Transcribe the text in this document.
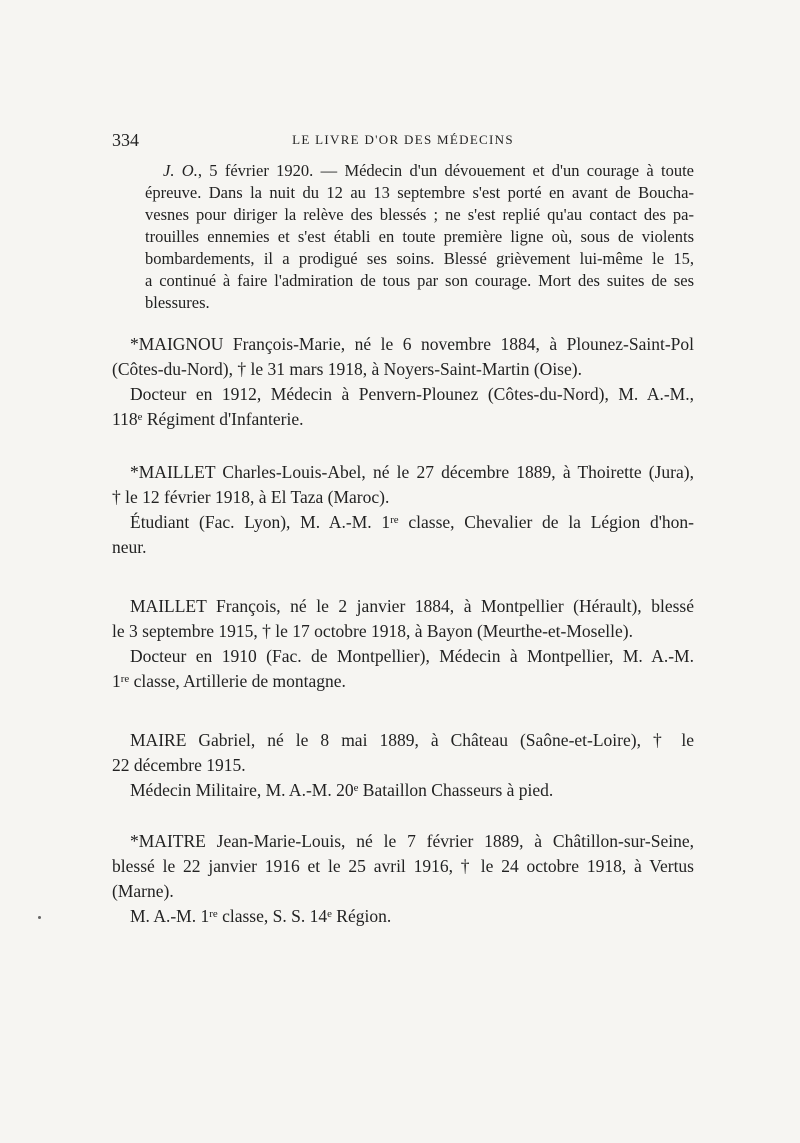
334	LE LIVRE D'OR DES MÉDECINS
J. O., 5 février 1920. — Médecin d'un dévouement et d'un courage à toute
épreuve. Dans la nuit du 12 au 13 septembre s'est porté en avant de Boucha-
vesnes pour diriger la relève des blessés ; ne s'est replié qu'au contact des pa-
trouilles ennemies et s'est établi en toute première ligne où, sous de violents
bombardements, il a prodigué ses soins. Blessé grièvement lui-même le 15,
a continué à faire l'admiration de tous par son courage. Mort des suites de ses
blessures.
*MAIGNOU François-Marie, né le 6 novembre 1884, à Plounez-Saint-Pol
(Côtes-du-Nord), † le 31 mars 1918, à Noyers-Saint-Martin (Oise).
Docteur en 1912, Médecin à Penvern-Plounez (Côtes-du-Nord), M. A.-M.,
118e Régiment d'Infanterie.
*MAILLET Charles-Louis-Abel, né le 27 décembre 1889, à Thoirette (Jura),
† le 12 février 1918, à El Taza (Maroc).
Étudiant (Fac. Lyon), M. A.-M. 1re classe, Chevalier de la Légion d'hon-
neur.
MAILLET François, né le 2 janvier 1884, à Montpellier (Hérault), blessé
le 3 septembre 1915, † le 17 octobre 1918, à Bayon (Meurthe-et-Moselle).
Docteur en 1910 (Fac. de Montpellier), Médecin à Montpellier, M. A.-M.
1re classe, Artillerie de montagne.
MAIRE Gabriel, né le 8 mai 1889, à Château (Saône-et-Loire), † le
22 décembre 1915.
Médecin Militaire, M. A.-M. 20e Bataillon Chasseurs à pied.
*MAITRE Jean-Marie-Louis, né le 7 février 1889, à Châtillon-sur-Seine,
blessé le 22 janvier 1916 et le 25 avril 1916, † le 24 octobre 1918, à Vertus
(Marne).
M. A.-M. 1re classe, S. S. 14e Région.
